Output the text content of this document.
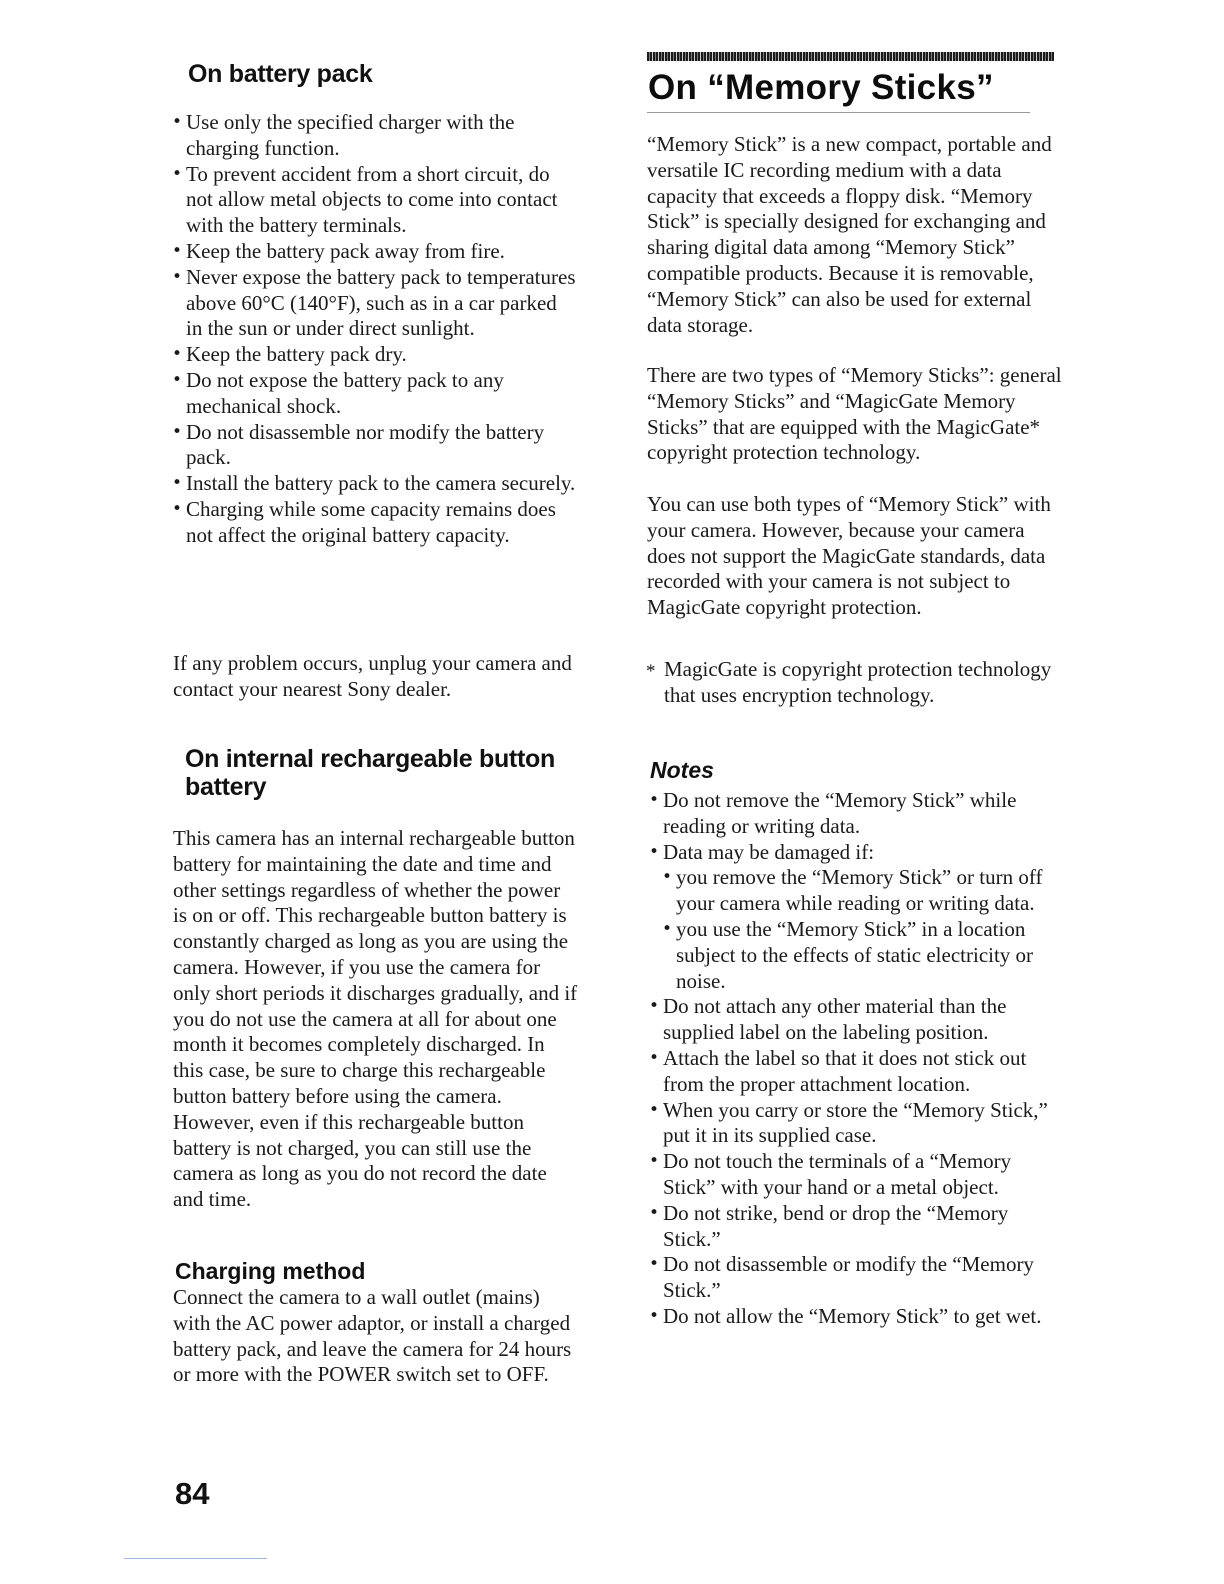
On battery pack
• Use only the specified charger with the charging function.
• To prevent accident from a short circuit, do not allow metal objects to come into contact with the battery terminals.
• Keep the battery pack away from fire.
• Never expose the battery pack to temperatures above 60°C (140°F), such as in a car parked in the sun or under direct sunlight.
• Keep the battery pack dry.
• Do not expose the battery pack to any mechanical shock.
• Do not disassemble nor modify the battery pack.
• Install the battery pack to the camera securely.
• Charging while some capacity remains does not affect the original battery capacity.

If any problem occurs, unplug your camera and contact your nearest Sony dealer.

On internal rechargeable button battery

This camera has an internal rechargeable button battery for maintaining the date and time and other settings regardless of whether the power is on or off. This rechargeable button battery is constantly charged as long as you are using the camera. However, if you use the camera for only short periods it discharges gradually, and if you do not use the camera at all for about one month it becomes completely discharged. In this case, be sure to charge this rechargeable button battery before using the camera. However, even if this rechargeable button battery is not charged, you can still use the camera as long as you do not record the date and time.

Charging method

Connect the camera to a wall outlet (mains) with the AC power adaptor, or install a charged battery pack, and leave the camera for 24 hours or more with the POWER switch set to OFF.

On “Memory Sticks”

“Memory Stick” is a new compact, portable and versatile IC recording medium with a data capacity that exceeds a floppy disk. “Memory Stick” is specially designed for exchanging and sharing digital data among “Memory Stick” compatible products. Because it is removable, “Memory Stick” can also be used for external data storage.

There are two types of “Memory Sticks”: general “Memory Sticks” and “MagicGate Memory Sticks” that are equipped with the MagicGate* copyright protection technology.

You can use both types of “Memory Stick” with your camera. However, because your camera does not support the MagicGate standards, data recorded with your camera is not subject to MagicGate copyright protection.

* MagicGate is copyright protection technology that uses encryption technology.
Notes
• Do not remove the “Memory Stick” while reading or writing data.
• Data may be damaged if:
• you remove the “Memory Stick” or turn off your camera while reading or writing data.
• you use the “Memory Stick” in a location subject to the effects of static electricity or noise.
• Do not attach any other material than the supplied label on the labeling position.
• Attach the label so that it does not stick out from the proper attachment location.
• When you carry or store the “Memory Stick,” put it in its supplied case.
• Do not touch the terminals of a “Memory Stick” with your hand or a metal object.
• Do not strike, bend or drop the “Memory Stick.”
• Do not disassemble or modify the “Memory Stick.”
• Do not allow the “Memory Stick” to get wet.
84
